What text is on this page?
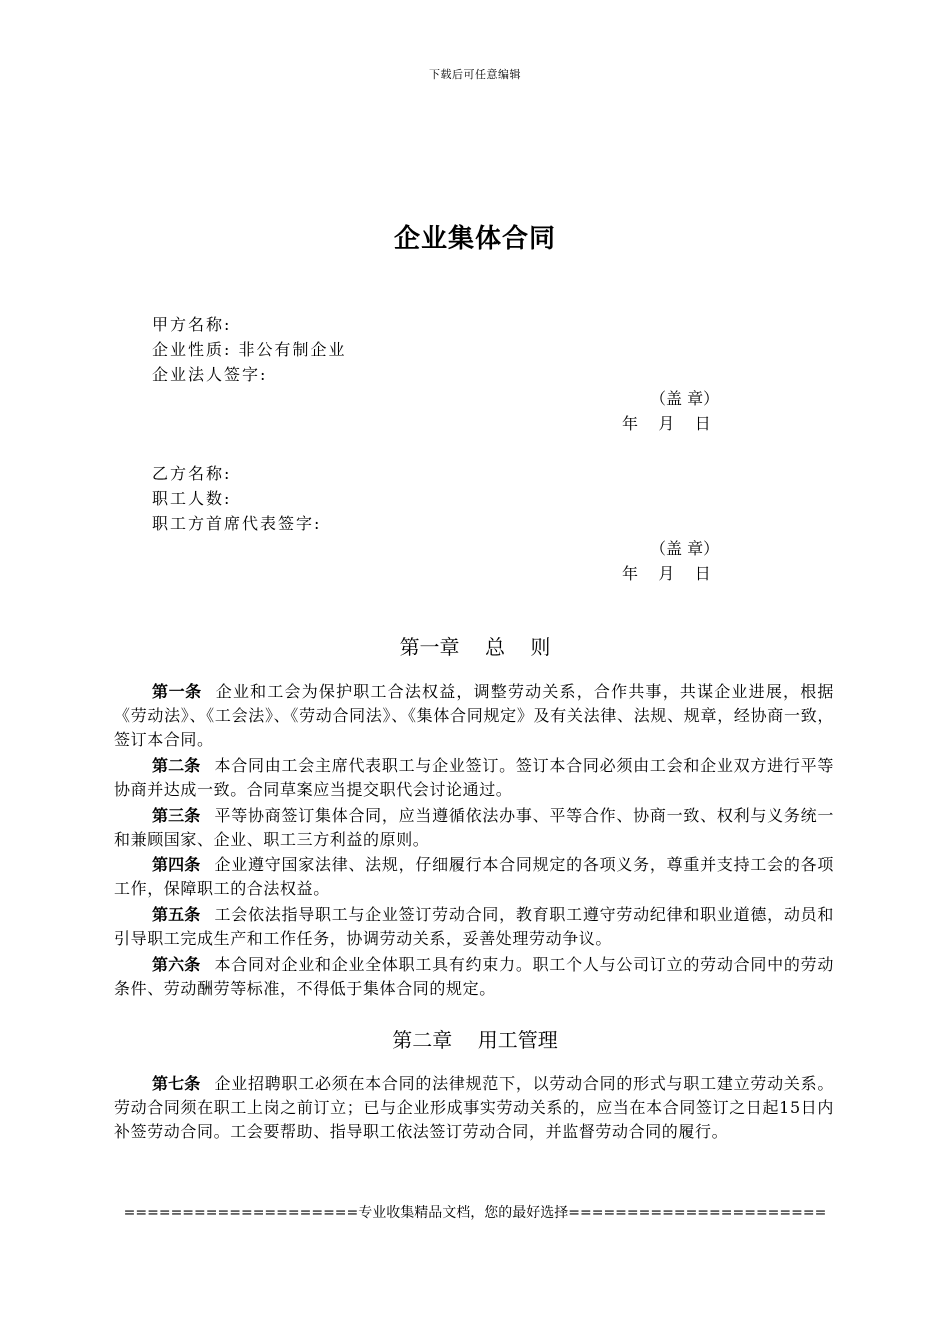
下载后可任意编辑
企业集体合同
甲方名称:
企业性质: 非公有制企业
企业法人签字:
（盖 章）
年    月    日
乙方名称:
职工人数:
职工方首席代表签字:
（盖 章）
年    月    日
第一章    总    则
第一条 企业和工会为保护职工合法权益，调整劳动关系，合作共事，共谋企业进展，根据《劳动法》、《工会法》、《劳动合同法》、《集体合同规定》及有关法律、法规、规章，经协商一致，签订本合同。
第二条 本合同由工会主席代表职工与企业签订。签订本合同必须由工会和企业双方进行平等协商并达成一致。合同草案应当提交职代会讨论通过。
第三条 平等协商签订集体合同，应当遵循依法办事、平等合作、协商一致、权利与义务统一和兼顾国家、企业、职工三方利益的原则。
第四条 企业遵守国家法律、法规，仔细履行本合同规定的各项义务，尊重并支持工会的各项工作，保障职工的合法权益。
第五条 工会依法指导职工与企业签订劳动合同，教育职工遵守劳动纪律和职业道德，动员和引导职工完成生产和工作任务，协调劳动关系，妥善处理劳动争议。
第六条 本合同对企业和企业全体职工具有约束力。职工个人与公司订立的劳动合同中的劳动条件、劳动酬劳等标准，不得低于集体合同的规定。
第二章    用工管理
第七条 企业招聘职工必须在本合同的法律规范下，以劳动合同的形式与职工建立劳动关系。劳动合同须在职工上岗之前订立；已与企业形成事实劳动关系的，应当在本合同签订之日起15日内补签劳动合同。工会要帮助、指导职工依法签订劳动合同，并监督劳动合同的履行。
====================专业收集精品文档，您的最好选择======================
